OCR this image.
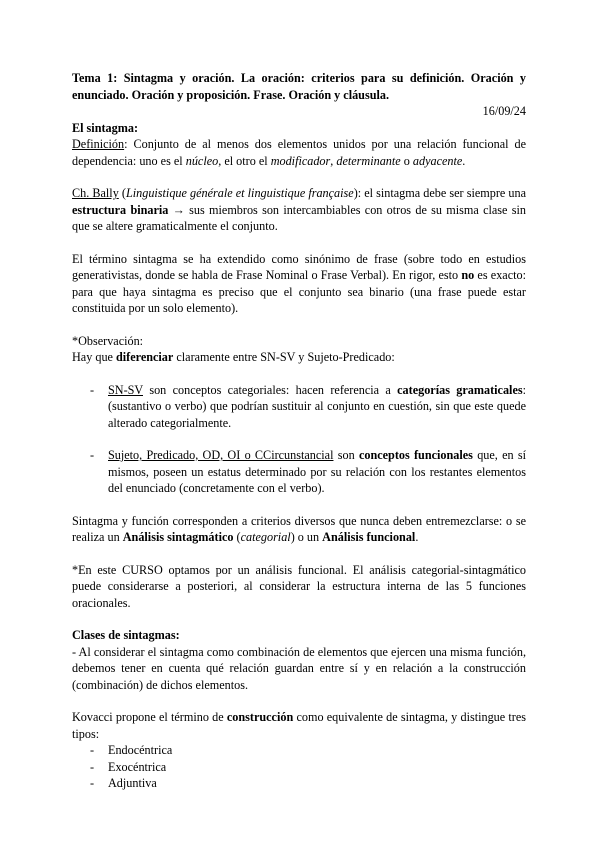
Tema 1: Sintagma y oración. La oración: criterios para su definición. Oración y enunciado. Oración y proposición. Frase. Oración y cláusula.

16/09/24

El sintagma:

Definición: Conjunto de al menos dos elementos unidos por una relación funcional de dependencia: uno es el núcleo, el otro el modificador, determinante o adyacente.

Ch. Bally (Linguistique générale et linguistique française): el sintagma debe ser siempre una estructura binaria → sus miembros son intercambiables con otros de su misma clase sin que se altere gramaticalmente el conjunto.

El término sintagma se ha extendido como sinónimo de frase (sobre todo en estudios generativistas, donde se habla de Frase Nominal o Frase Verbal). En rigor, esto no es exacto: para que haya sintagma es preciso que el conjunto sea binario (una frase puede estar constituida por un solo elemento).

*Observación:

Hay que diferenciar claramente entre SN-SV y Sujeto-Predicado:

- SN-SV son conceptos categoriales: hacen referencia a categorías gramaticales: (sustantivo o verbo) que podrían sustituir al conjunto en cuestión, sin que este quede alterado categorialmente.
- Sujeto, Predicado, OD, OI o CCircunstancial son conceptos funcionales que, en sí mismos, poseen un estatus determinado por su relación con los restantes elementos del enunciado (concretamente con el verbo).

Sintagma y función corresponden a criterios diversos que nunca deben entremezclarse: o se realiza un Análisis sintagmático (categorial) o un Análisis funcional.

*En este CURSO optamos por un análisis funcional. El análisis categorial-sintagmático puede considerarse a posteriori, al considerar la estructura interna de las 5 funciones oracionales.

Clases de sintagmas:

- Al considerar el sintagma como combinación de elementos que ejercen una misma función, debemos tener en cuenta qué relación guardan entre sí y en relación a la construcción (combinación) de dichos elementos.

Kovacci propone el término de construcción como equivalente de sintagma, y distingue tres tipos:

- Endocéntrica
- Exocéntrica
- Adjuntiva
